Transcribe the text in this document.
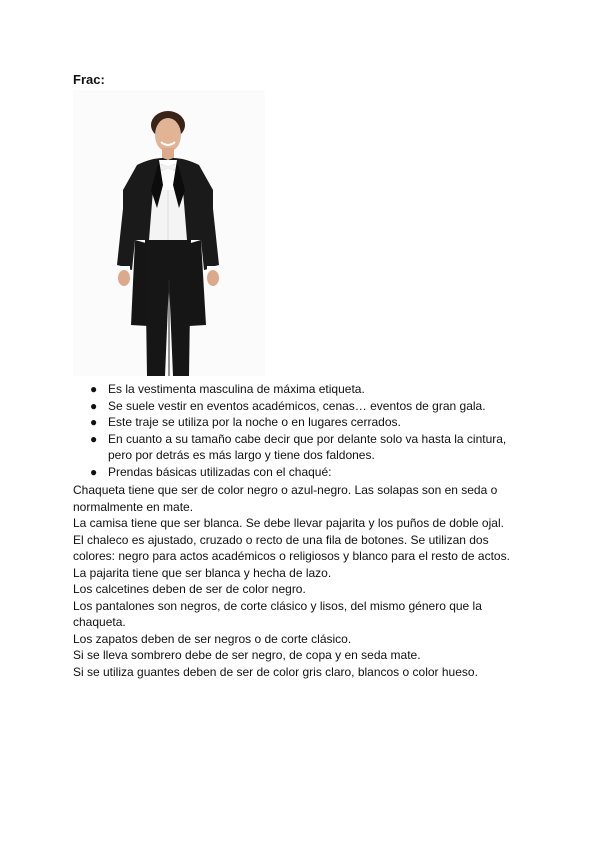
Frac:
● Es la vestimenta masculina de máxima etiqueta.
● Se suele vestir en eventos académicos, cenas… eventos de gran gala.
● Este traje se utiliza por la noche o en lugares cerrados.
● En cuanto a su tamaño cabe decir que por delante solo va hasta la cintura, pero por detrás es más largo y tiene dos faldones.
● Prendas básicas utilizadas con el chaqué:

Chaqueta tiene que ser de color negro o azul-negro. Las solapas son en seda o normalmente en mate.

La camisa tiene que ser blanca. Se debe llevar pajarita y los puños de doble ojal.

El chaleco es ajustado, cruzado o recto de una fila de botones. Se utilizan dos colores: negro para actos académicos o religiosos y blanco para el resto de actos.

La pajarita tiene que ser blanca y hecha de lazo.

Los calcetines deben de ser de color negro.

Los pantalones son negros, de corte clásico y lisos, del mismo género que la chaqueta.

Los zapatos deben de ser negros o de corte clásico.

Si se lleva sombrero debe de ser negro, de copa y en seda mate.

Si se utiliza guantes deben de ser de color gris claro, blancos o color hueso.
